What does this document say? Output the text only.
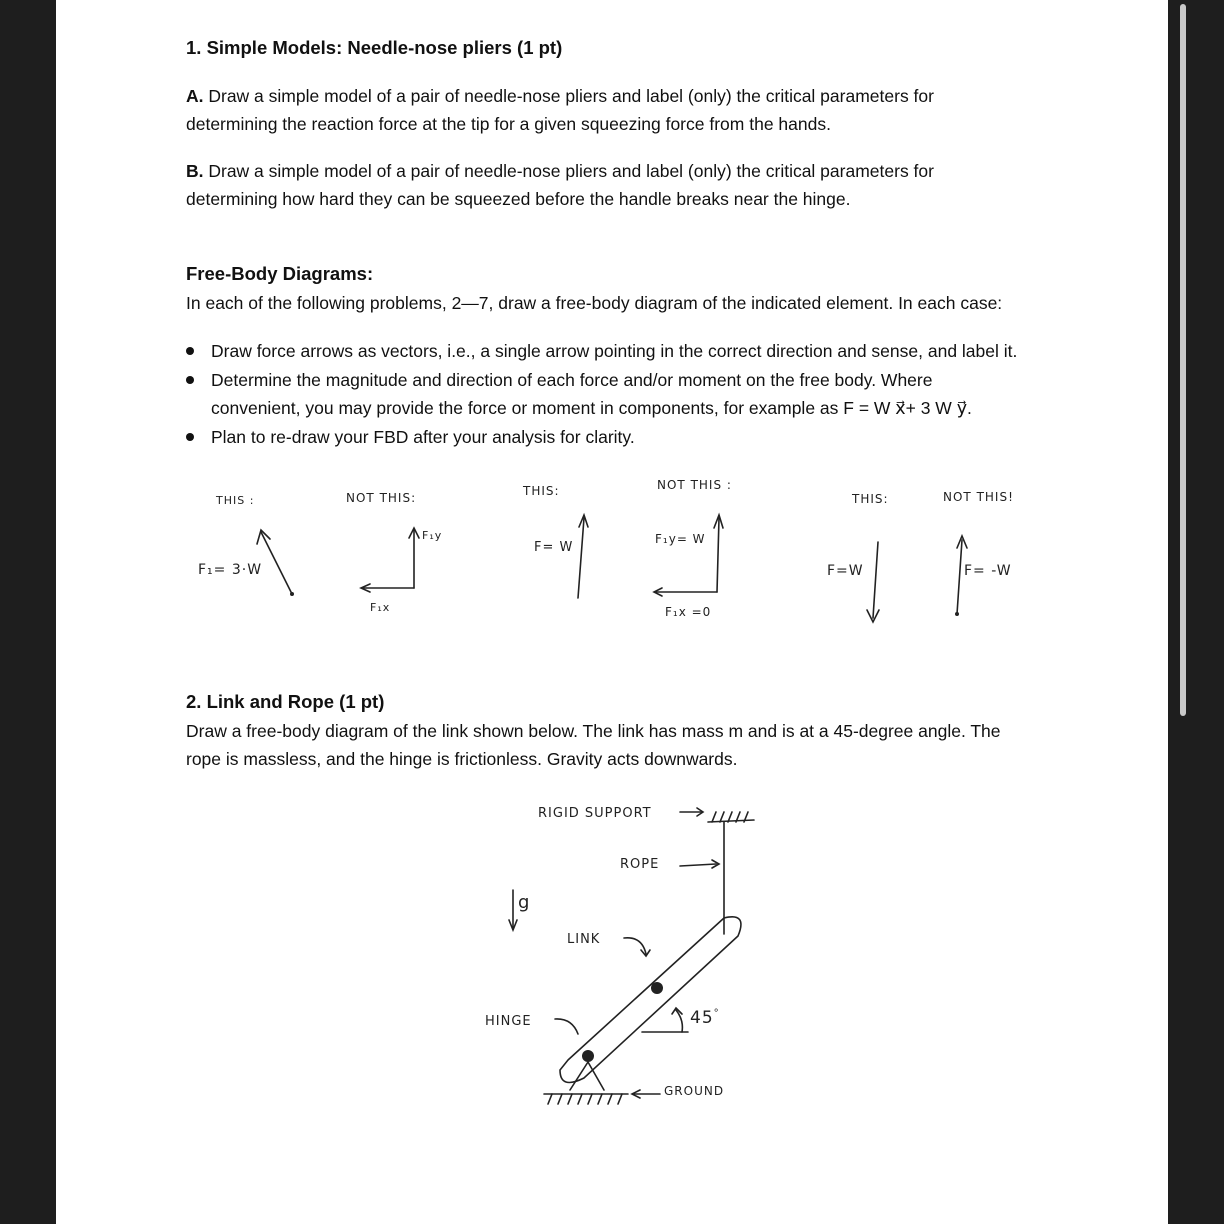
1. Simple Models: Needle-nose pliers (1 pt)
A. Draw a simple model of a pair of needle-nose pliers and label (only) the critical parameters for
determining the reaction force at the tip for a given squeezing force from the hands.
B. Draw a simple model of a pair of needle-nose pliers and label (only) the critical parameters for
determining how hard they can be squeezed before the handle breaks near the hinge.
Free-Body Diagrams:
In each of the following problems, 2—7, draw a free-body diagram of the indicated element. In each case:
Draw force arrows as vectors, i.e., a single arrow pointing in the correct direction and sense, and label it.
Determine the magnitude and direction of each force and/or moment on the free body. Where
convenient, you may provide the force or moment in components, for example as F = W x⃗+ 3 W y⃗.
Plan to re-draw your FBD after your analysis for clarity.
THIS :	NOT THIS:	THIS:	NOT THIS :
THIS:	NOT THIS!
F₁= 3·W
F₁y
F₁x
F= W
F₁y= W
F₁x =0
F=W	F= -W
2. Link and Rope (1 pt)
Draw a free-body diagram of the link shown below. The link has mass m and is at a 45-degree angle. The
rope is massless, and the hinge is frictionless. Gravity acts downwards.
RIGID SUPPORT
ROPE
g
LINK
HINGE	45°
GROUND
